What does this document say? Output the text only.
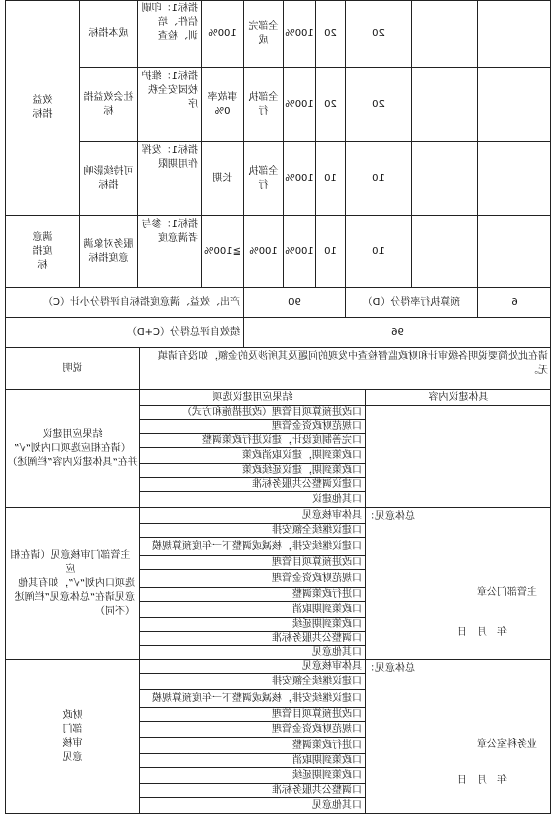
20
20
100%
全部完成
100%
指标1：印刷信件、培训、检查
成本指标
20
20
100%
全部执行
事故率0%
指标1：维护校园安全秩序
社会效益指标
10
10
100%
全部执行
长期
指标1：发挥作用期限
可持续影响指标
10
10
100%
100%
≧100%
指标1：参与者满意度
服务对象满意度指标
效益指标
满意度指标
6
预算执行率得分（D）
90
产出、效益、满意度指标自评得分小计（C）
96
绩效自评总得分（C+D）
请在此处简要说明各级审计和财政监督检查中发现的问题及其所涉及的金额，如没有请填无。
说明
具体建议内容
结果应用建议选项
结果应用建议
（请在相应选项口内划“√”
并在“具体建议内容”栏阐述）
口改进预算项目管理（改进措施和方式）
口规范财政资金管理
口完善制度设计，建议进行政策调整
口政策到期，建议取消政策
口政策到期，建议延续政策
口建议调整公共服务标准
口其他建议
总体意见：
主管部门公章
年　月　日
具体审核意见
口建议继续全额安排
口建议继续安排，核减或调整下一年度预算规模
口改进预算项目管理
口规范财政资金管理
口进行政策调整
口政策到期取消
口政策到期延续
口调整公共服务标准
口其他意见
主管部门审核意见（请在相应
选项口内划“√”，如有其他
意见请在“总体意见”栏阐述
（不同）
总体意见：
业务科室公章
年　月　日
具体审核意见
口建议继续全额安排
口建议继续安排，核减或调整下一年度预算规模
口改进预算项目管理
口规范财政资金管理
口进行政策调整
口政策到期取消
口政策到期延续
口调整公共服务标准
口其他意见
财政
部门
审核
意见
